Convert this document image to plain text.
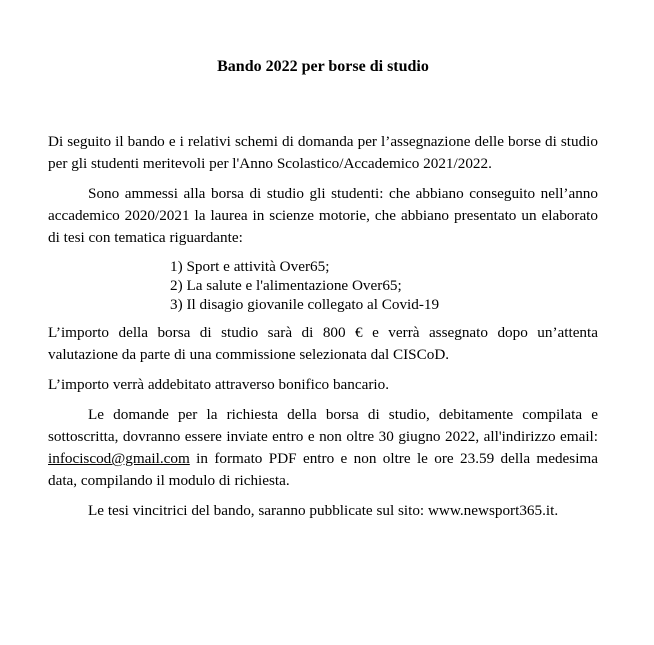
Bando 2022 per borse di studio

Di seguito il bando e i relativi schemi di domanda per l’assegnazione delle borse di studio per gli studenti meritevoli per l'Anno Scolastico/Accademico 2021/2022.

Sono ammessi alla borsa di studio gli studenti: che abbiano conseguito nell’anno accademico 2020/2021 la laurea in scienze motorie, che abbiano presentato un elaborato di tesi con tematica riguardante:

1) Sport e attività Over65;
2) La salute e l'alimentazione Over65;
3) Il disagio giovanile collegato al Covid-19

L’importo della borsa di studio sarà di 800 € e verrà assegnato dopo un’attenta valutazione da parte di una commissione selezionata dal CISCoD.

L’importo verrà addebitato attraverso bonifico bancario.

Le domande per la richiesta della borsa di studio, debitamente compilata e sottoscritta, dovranno essere inviate entro e non oltre 30 giugno 2022, all'indirizzo email: infociscod@gmail.com in formato PDF entro e non oltre le ore 23.59 della medesima data, compilando il modulo di richiesta.

Le tesi vincitrici del bando, saranno pubblicate sul sito: www.newsport365.it.
